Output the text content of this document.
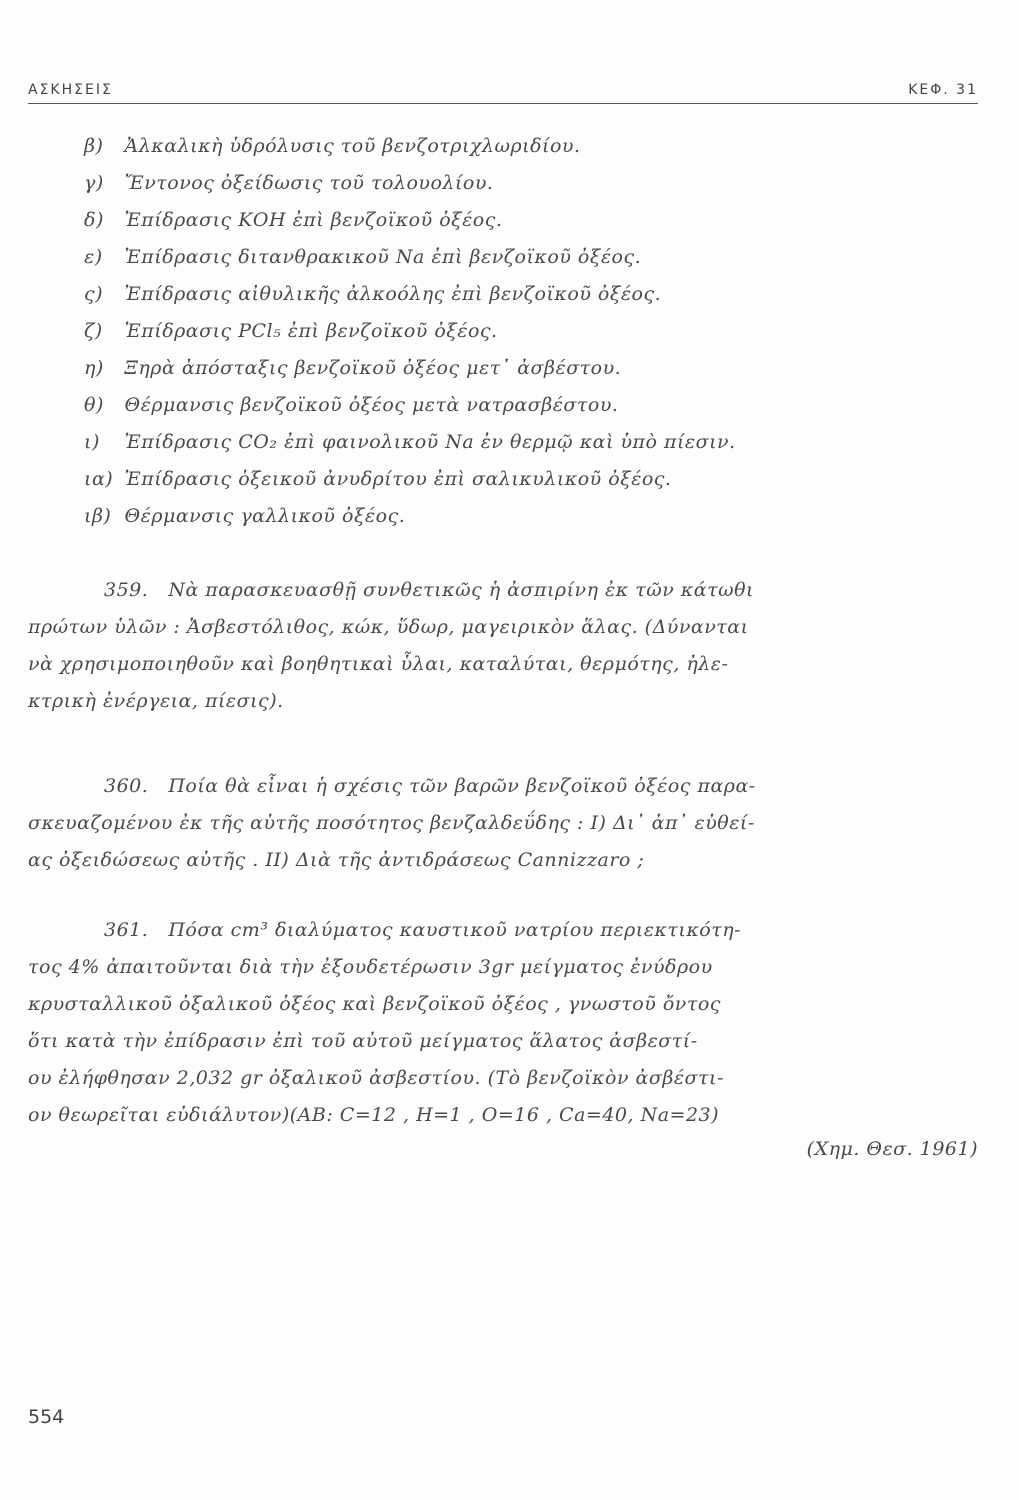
ΑΣΚΗΣΕΙΣ	ΚΕΦ. 31
β) Ἀλκαλικὴ ὑδρόλυσις τοῦ βενζοτριχλωριδίου.
γ) Ἔντονος ὀξείδωσις τοῦ τολουολίου.
δ) Ἐπίδρασις ΚΟΗ ἐπὶ βενζοϊκοῦ ὀξέος.
ε) Ἐπίδρασις διτανθρακικοῦ Na ἐπὶ βενζοϊκοῦ ὀξέος.
ς) Ἐπίδρασις αἰθυλικῆς ἀλκοόλης ἐπὶ βενζοϊκοῦ ὀξέος.
ζ) Ἐπίδρασις PCl₅ ἐπὶ βενζοϊκοῦ ὀξέος.
η) Ξηρὰ ἀπόσταξις βενζοϊκοῦ ὀξέος μετ᾽ ἀσβέστου.
θ) Θέρμανσις βενζοϊκοῦ ὀξέος μετὰ νατρασβέστου.
ι) Ἐπίδρασις CO₂ ἐπὶ φαινολικοῦ Na ἐν θερμῷ καὶ ὑπὸ πίεσιν.
ια) Ἐπίδρασις ὀξεικοῦ ἀνυδρίτου ἐπὶ σαλικυλικοῦ ὀξέος.
ιβ) Θέρμανσις γαλλικοῦ ὀξέος.
359. Νὰ παρασκευασθῇ συνθετικῶς ἡ ἀσπιρίνη ἐκ τῶν κάτωθι
πρώτων ὑλῶν : Ἀσβεστόλιθος, κώκ, ὕδωρ, μαγειρικὸν ἅλας. (Δύνανται
νὰ χρησιμοποιηθοῦν καὶ βοηθητικαὶ ὗλαι, καταλύται, θερμότης, ἠλε-
κτρικὴ ἐνέργεια, πίεσις).
360. Ποία θὰ εἶναι ἡ σχέσις τῶν βαρῶν βενζοϊκοῦ ὀξέος παρα-
σκευαζομένου ἐκ τῆς αὐτῆς ποσότητος βενζαλδεΰδης : I) Δι᾽ ἀπ᾽ εὐθεί-
ας ὀξειδώσεως αὐτῆς . II) Διὰ τῆς ἀντιδράσεως Cannizzaro ;
361. Πόσα cm³ διαλύματος καυστικοῦ νατρίου περιεκτικότη-
τος 4% ἀπαιτοῦνται διὰ τὴν ἐξουδετέρωσιν 3gr μείγματος ἐνύδρου
κρυσταλλικοῦ ὀξαλικοῦ ὀξέος καὶ βενζοϊκοῦ ὀξέος , γνωστοῦ ὄντος
ὅτι κατὰ τὴν ἐπίδρασιν ἐπὶ τοῦ αὐτοῦ μείγματος ἅλατος ἀσβεστί-
ου ἐλήφθησαν 2,032 gr ὀξαλικοῦ ἀσβεστίου. (Τὸ βενζοϊκὸν ἀσβέστι-
ον θεωρεῖται εὐδιάλυτον)(AB: C=12 , H=1 , O=16 , Ca=40, Na=23)
(Χημ. Θεσ. 1961)
554
